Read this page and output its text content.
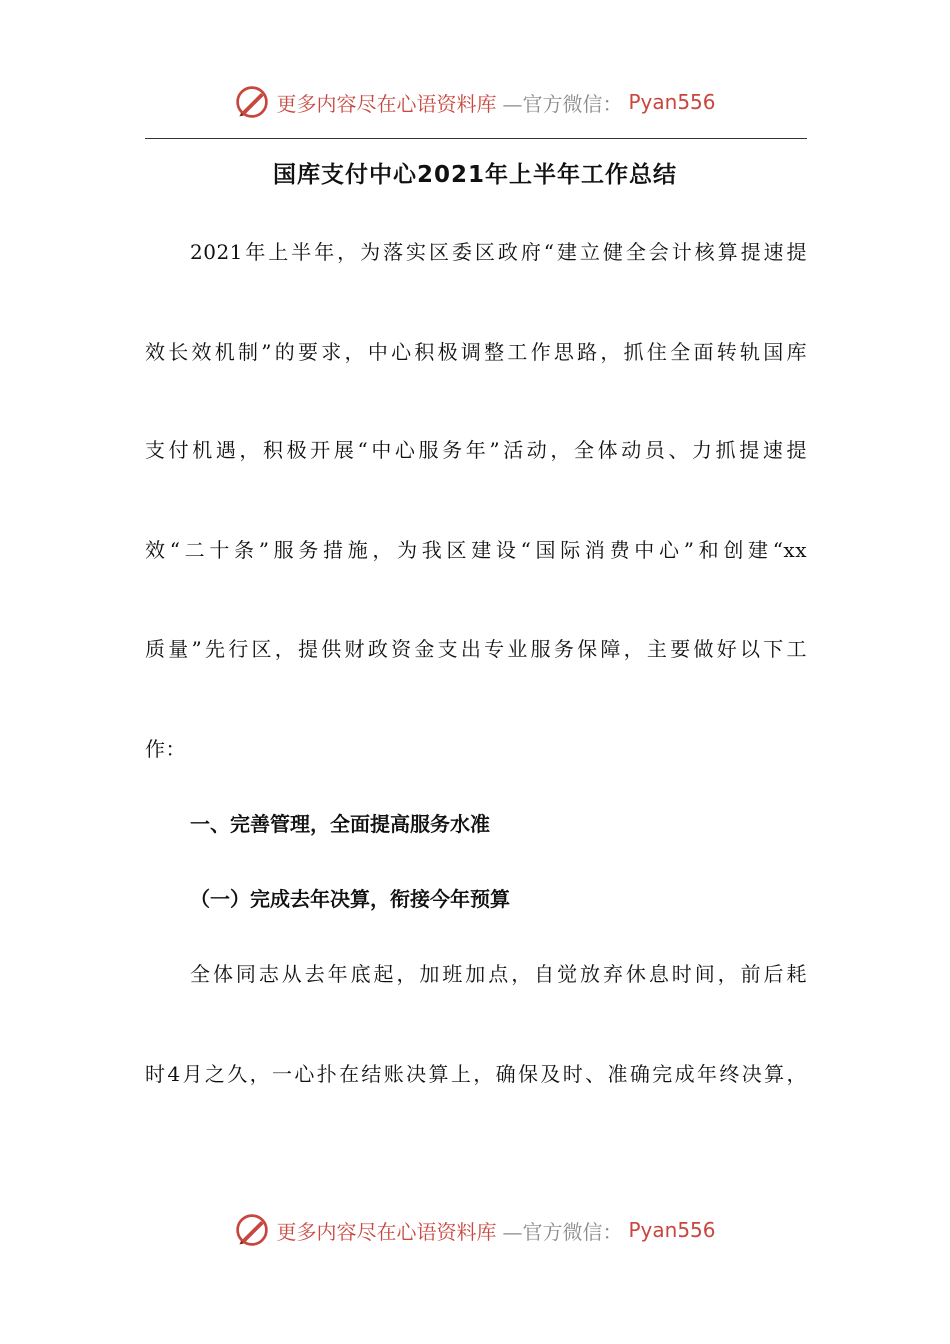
更多内容尽在心语资料库 —官方微信： Pyan556
国库支付中心2021年上半年工作总结
2021年上半年，为落实区委区政府“建立健全会计核算提速提
效长效机制”的要求，中心积极调整工作思路，抓住全面转轨国库
支付机遇，积极开展“中心服务年”活动，全体动员、力抓提速提
效“二十条”服务措施，为我区建设“国际消费中心”和创建“xx
质量”先行区，提供财政资金支出专业服务保障，主要做好以下工
作：
一、完善管理，全面提高服务水准
（一）完成去年决算，衔接今年预算
全体同志从去年底起，加班加点，自觉放弃休息时间，前后耗
时4月之久，一心扑在结账决算上，确保及时、准确完成年终决算，
更多内容尽在心语资料库 —官方微信： Pyan556
